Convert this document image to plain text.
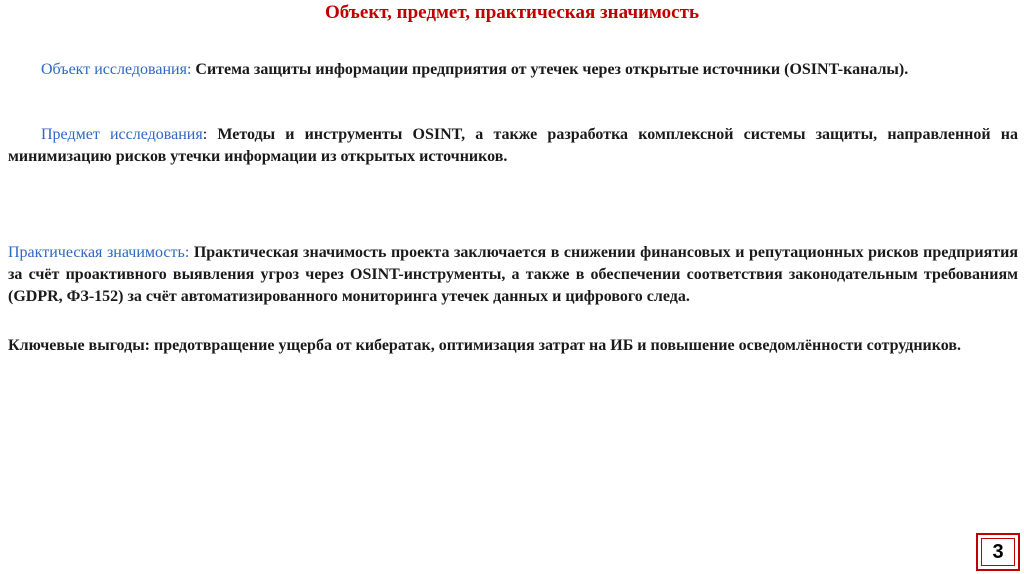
Объект, предмет, практическая значимость
Объект исследования: Ситема защиты информации предприятия от утечек через открытые источники (OSINT-каналы).
Предмет исследования: Методы и инструменты OSINT, а также разработка комплексной системы защиты, направленной на минимизацию рисков утечки информации из открытых источников.
Практическая значимость: Практическая значимость проекта заключается в снижении финансовых и репутационных рисков предприятия за счёт проактивного выявления угроз через OSINT-инструменты, а также в обеспечении соответствия законодательным требованиям (GDPR, ФЗ-152) за счёт автоматизированного мониторинга утечек данных и цифрового следа.
Ключевые выгоды: предотвращение ущерба от кибератак, оптимизация затрат на ИБ и повышение осведомлённости сотрудников.
3
